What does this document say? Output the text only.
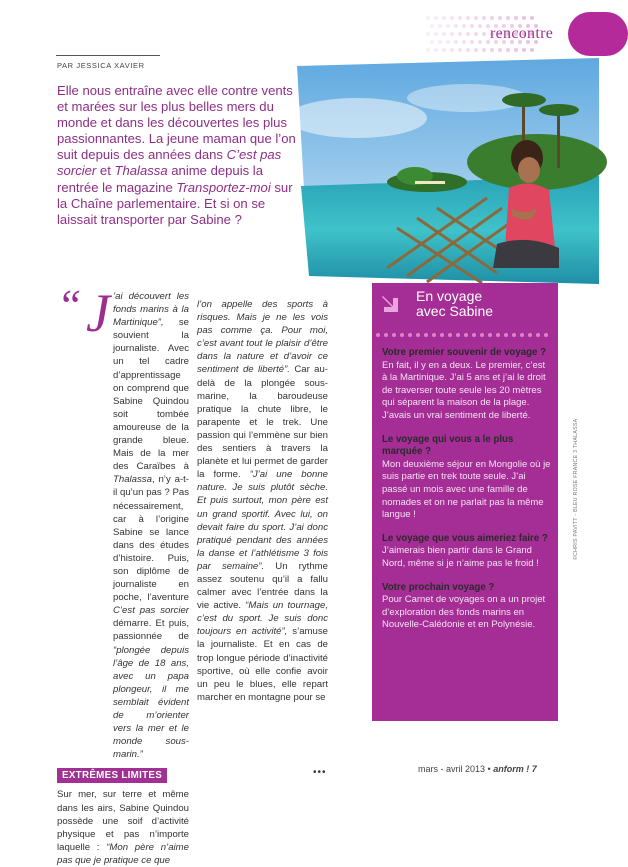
rencontre
PAR JESSICA XAVIER

Elle nous entraîne avec elle contre vents et marées sur les plus belles mers du monde et dans les découvertes les plus passionnantes. La jeune maman que l’on suit depuis des années dans C’est pas sorcier et Thalassa anime depuis la rentrée le magazine Transportez-moi sur la Chaîne parlementaire. Et si on se laissait transporter par Sabine ?

“ J ’ai découvert les fonds marins à la Martinique”, se souvient la journaliste. Avec un tel cadre d’apprentissage on comprend que Sabine Quindou soit tombée amoureuse de la grande bleue. Mais de la mer des Caraïbes à Thalassa, n’y a-t-il qu’un pas ? Pas nécessairement, car à l’origine Sabine se lance dans des études d’histoire. Puis, son diplôme de journaliste en poche, l’aventure C’est pas sorcier démarre. Et puis, passionnée de “plongée depuis l’âge de 18 ans, avec un papa plongeur, il me semblait évident de m’orienter vers la mer et le monde sous-marin.”

EXTRÊMES LIMITES

Sur mer, sur terre et même dans les airs, Sabine Quindou possède une soif d’activité physique et pas n’importe laquelle : “Mon père n’aime pas que je pratique ce que

l’on appelle des sports à risques. Mais je ne les vois pas comme ça. Pour moi, c’est avant tout le plaisir d’être dans la nature et d’avoir ce sentiment de liberté”. Car au-delà de la plongée sous-marine, la baroudeuse pratique la chute libre, le parapente et le trek. Une passion qui l’emmène sur bien des sentiers à travers la planète et lui permet de garder la forme. “J’ai une bonne nature. Je suis plutôt sèche. Et puis surtout, mon père est un grand sportif. Avec lui, on devait faire du sport. J’ai donc pratiqué pendant des années la danse et l’athlétisme 3 fois par semaine”. Un rythme assez soutenu qu’il a fallu calmer avec l’entrée dans la vie active. “Mais un tournage, c’est du sport. Je suis donc toujours en activité”, s’amuse la journaliste. Et en cas de trop longue période d’inactivité sportive, où elle confie avoir un peu le blues, elle repart marcher en montagne pour se

•••
En voyage
avec Sabine
Votre premier souvenir de voyage ?
En fait, il y en a deux. Le premier, c’est à la Martinique. J’ai 5 ans et j’ai le droit de traverser toute seule les 20 mètres qui séparent la maison de la plage. J’avais un vrai sentiment de liberté.
Le voyage qui vous a le plus marquée ?
Mon deuxième séjour en Mongolie où je suis partie en trek toute seule. J’ai passé un mois avec une famille de nomades et on ne parlait pas la même langue !
Le voyage que vous aimeriez faire ?
J’aimerais bien partir dans le Grand Nord, même si je n’aime pas le froid !
Votre prochain voyage ?
Pour Carnet de voyages on a un projet d’exploration des fonds marins en Nouvelle-Calédonie et en Polynésie.
©CHRIS PAVITT - BLEU ROSE FRANCE 3 THALASSA
mars - avril 2013 • anform ! 7
